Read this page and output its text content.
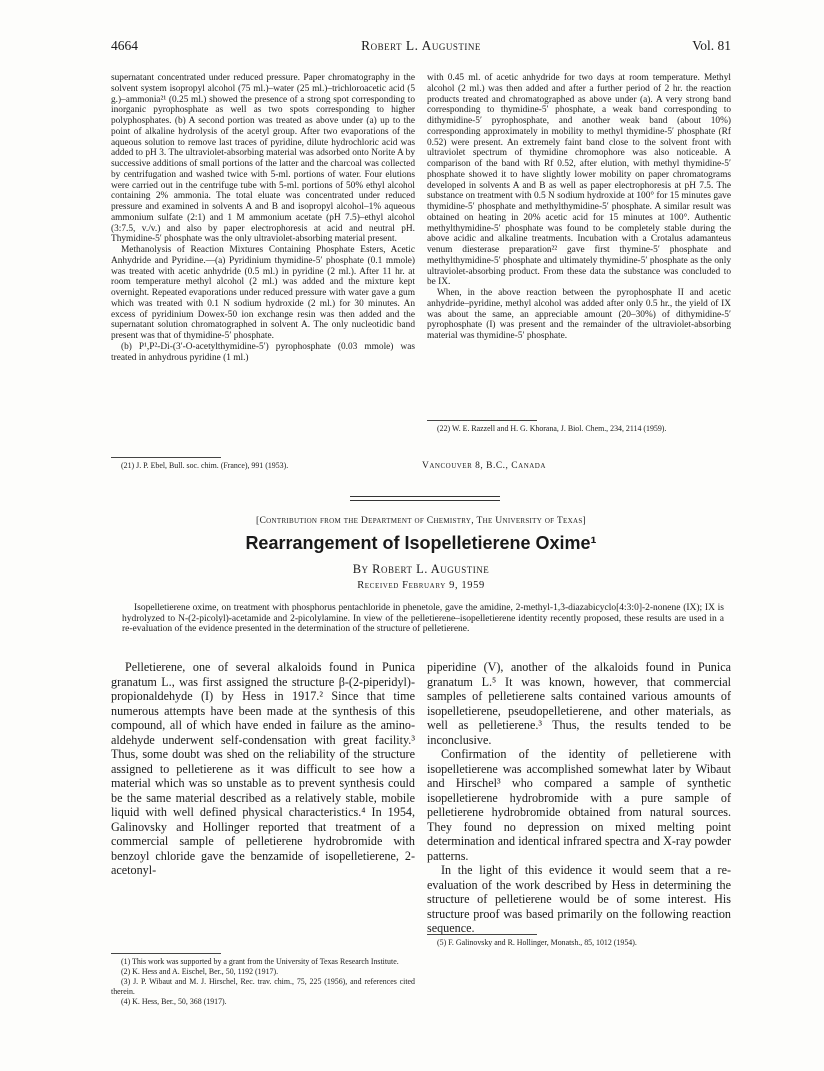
4664	Robert L. Augustine	Vol. 81

supernatant concentrated under reduced pressure. Paper chromatography in the solvent system isopropyl alcohol (75 ml.)–water (25 ml.)–trichloroacetic acid (5 g.)–ammonia²¹ (0.25 ml.) showed the presence of a strong spot corresponding to inorganic pyrophosphate as well as two spots corresponding to higher polyphosphates. (b) A second portion was treated as above under (a) up to the point of alkaline hydrolysis of the acetyl group. After two evaporations of the aqueous solution to remove last traces of pyridine, dilute hydrochloric acid was added to pH 3. The ultraviolet-absorbing material was adsorbed onto Norite A by successive additions of small portions of the latter and the charcoal was collected by centrifugation and washed twice with 5-ml. portions of water. Four elutions were carried out in the centrifuge tube with 5-ml. portions of 50% ethyl alcohol containing 2% ammonia. The total eluate was concentrated under reduced pressure and examined in solvents A and B and isopropyl alcohol–1% aqueous ammonium sulfate (2:1) and 1 M ammonium acetate (pH 7.5)–ethyl alcohol (3:7.5, v./v.) and also by paper electrophoresis at acid and neutral pH. Thymidine-5′ phosphate was the only ultraviolet-absorbing material present.

Methanolysis of Reaction Mixtures Containing Phosphate Esters, Acetic Anhydride and Pyridine.—(a) Pyridinium thymidine-5′ phosphate (0.1 mmole) was treated with acetic anhydride (0.5 ml.) in pyridine (2 ml.). After 11 hr. at room temperature methyl alcohol (2 ml.) was added and the mixture kept overnight. Repeated evaporations under reduced pressure with water gave a gum which was treated with 0.1 N sodium hydroxide (2 ml.) for 30 minutes. An excess of pyridinium Dowex-50 ion exchange resin was then added and the supernatant solution chromatographed in solvent A. The only nucleotidic band present was that of thymidine-5′ phosphate.

(b) P¹,P²-Di-(3′-O-acetylthymidine-5′) pyrophosphate (0.03 mmole) was treated in anhydrous pyridine (1 ml.)

(21) J. P. Ebel, Bull. soc. chim. (France), 991 (1953).

with 0.45 ml. of acetic anhydride for two days at room temperature. Methyl alcohol (2 ml.) was then added and after a further period of 2 hr. the reaction products treated and chromatographed as above under (a). A very strong band corresponding to thymidine-5′ phosphate, a weak band corresponding to dithymidine-5′ pyrophosphate, and another weak band (about 10%) corresponding approximately in mobility to methyl thymidine-5′ phosphate (Rf 0.52) were present. An extremely faint band close to the solvent front with ultraviolet spectrum of thymidine chromophore was also noticeable. A comparison of the band with Rf 0.52, after elution, with methyl thymidine-5′ phosphate showed it to have slightly lower mobility on paper chromatograms developed in solvents A and B as well as paper electrophoresis at pH 7.5. The substance on treatment with 0.5 N sodium hydroxide at 100° for 15 minutes gave thymidine-5′ phosphate and methylthymidine-5′ phosphate. A similar result was obtained on heating in 20% acetic acid for 15 minutes at 100°. Authentic methylthymidine-5′ phosphate was found to be completely stable during the above acidic and alkaline treatments. Incubation with a Crotalus adamanteus venum diesterase preparation²² gave first thymine-5′ phosphate and methylthymidine-5′ phosphate and ultimately thymidine-5′ phosphate as the only ultraviolet-absorbing product. From these data the substance was concluded to be IX.

When, in the above reaction between the pyrophosphate II and acetic anhydride–pyridine, methyl alcohol was added after only 0.5 hr., the yield of IX was about the same, an appreciable amount (20–30%) of dithymidine-5′ pyrophosphate (I) was present and the remainder of the ultraviolet-absorbing material was thymidine-5′ phosphate.

(22) W. E. Razzell and H. G. Khorana, J. Biol. Chem., 234, 2114 (1959).

Vancouver 8, B.C., Canada
[Contribution from the Department of Chemistry, The University of Texas]
Rearrangement of Isopelletierene Oxime¹
By Robert L. Augustine
Received February 9, 1959

Isopelletierene oxime, on treatment with phosphorus pentachloride in phenetole, gave the amidine, 2-methyl-1,3-diazabicyclo[4:3:0]-2-nonene (IX); IX is hydrolyzed to N-(2-picolyl)-acetamide and 2-picolylamine. In view of the pelletierene–isopelletierene identity recently proposed, these results are used in a re-evaluation of the evidence presented in the determination of the structure of pelletierene.

Pelletierene, one of several alkaloids found in Punica granatum L., was first assigned the structure β-(2-piperidyl)-propionaldehyde (I) by Hess in 1917.² Since that time numerous attempts have been made at the synthesis of this compound, all of which have ended in failure as the amino-aldehyde underwent self-condensation with great facility.³ Thus, some doubt was shed on the reliability of the structure assigned to pelletierene as it was difficult to see how a material which was so unstable as to prevent synthesis could be the same material described as a relatively stable, mobile liquid with well defined physical characteristics.⁴ In 1954, Galinovsky and Hollinger reported that treatment of a commercial sample of pelletierene hydrobromide with benzoyl chloride gave the benzamide of isopelletierene, 2-acetonyl-

(1) This work was supported by a grant from the University of Texas Research Institute.

(2) K. Hess and A. Eischel, Ber., 50, 1192 (1917).

(3) J. P. Wibaut and M. J. Hirschel, Rec. trav. chim., 75, 225 (1956), and references cited therein.

(4) K. Hess, Ber., 50, 368 (1917).

piperidine (V), another of the alkaloids found in Punica granatum L.⁵ It was known, however, that commercial samples of pelletierene salts contained various amounts of isopelletierene, pseudopelletierene, and other materials, as well as pelletierene.³ Thus, the results tended to be inconclusive.

Confirmation of the identity of pelletierene with isopelletierene was accomplished somewhat later by Wibaut and Hirschel³ who compared a sample of synthetic isopelletierene hydrobromide with a pure sample of pelletierene hydrobromide obtained from natural sources. They found no depression on mixed melting point determination and identical infrared spectra and X-ray powder patterns.

In the light of this evidence it would seem that a re-evaluation of the work described by Hess in determining the structure of pelletierene would be of some interest. His structure proof was based primarily on the following reaction sequence.

(5) F. Galinovsky and R. Hollinger, Monatsh., 85, 1012 (1954).
